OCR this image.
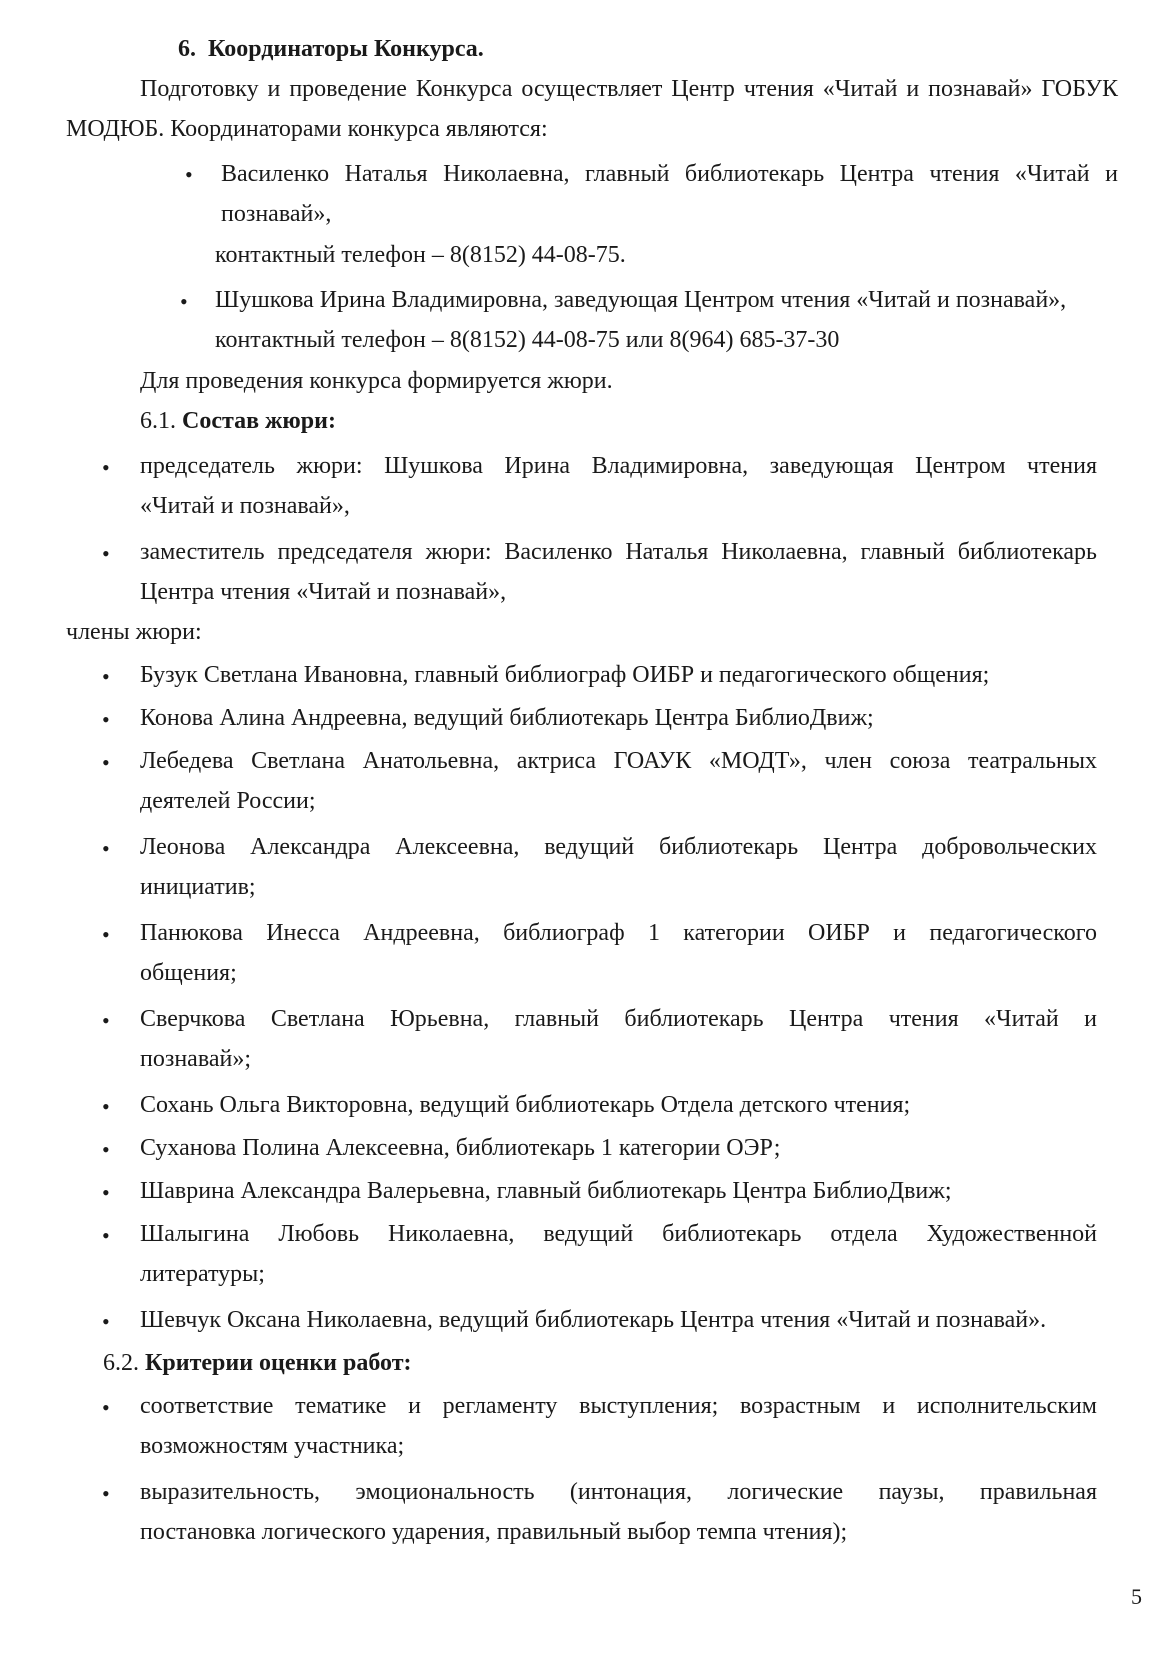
6.  Координаторы Конкурса.
Подготовку и проведение Конкурса осуществляет Центр чтения «Читай и познавай» ГОБУК
МОДЮБ. Координаторами конкурса являются:
• Василенко Наталья Николаевна, главный библиотекарь Центра чтения «Читай и
познавай»,
контактный телефон – 8(8152) 44-08-75.
• Шушкова Ирина Владимировна, заведующая Центром чтения «Читай и познавай»,
контактный телефон – 8(8152) 44-08-75 или 8(964) 685-37-30
Для проведения конкурса формируется жюри.
6.1. Состав жюри:
• председатель жюри: Шушкова Ирина Владимировна, заведующая Центром чтения
«Читай и познавай»,
• заместитель председателя жюри: Василенко Наталья Николаевна, главный библиотекарь
Центра чтения «Читай и познавай»,
члены жюри:
• Бузук Светлана Ивановна, главный библиограф ОИБР и педагогического общения;
• Конова Алина Андреевна, ведущий библиотекарь Центра БиблиоДвиж;
• Лебедева Светлана Анатольевна, актриса ГОАУК «МОДТ», член союза театральных
деятелей России;
• Леонова Александра Алексеевна, ведущий библиотекарь Центра добровольческих
инициатив;
• Панюкова Инесса Андреевна, библиограф 1 категории ОИБР и педагогического
общения;
• Сверчкова Светлана Юрьевна, главный библиотекарь Центра чтения «Читай и
познавай»;
• Сохань Ольга Викторовна, ведущий библиотекарь Отдела детского чтения;
• Суханова Полина Алексеевна, библиотекарь 1 категории ОЭР;
• Шаврина Александра Валерьевна, главный библиотекарь Центра БиблиоДвиж;
• Шалыгина Любовь Николаевна, ведущий библиотекарь отдела Художественной
литературы;
• Шевчук Оксана Николаевна, ведущий библиотекарь Центра чтения «Читай и познавай».
6.2. Критерии оценки работ:
• соответствие тематике и регламенту выступления; возрастным и исполнительским
возможностям участника;
• выразительность, эмоциональность (интонация, логические паузы, правильная
постановка логического ударения, правильный выбор темпа чтения);
5
